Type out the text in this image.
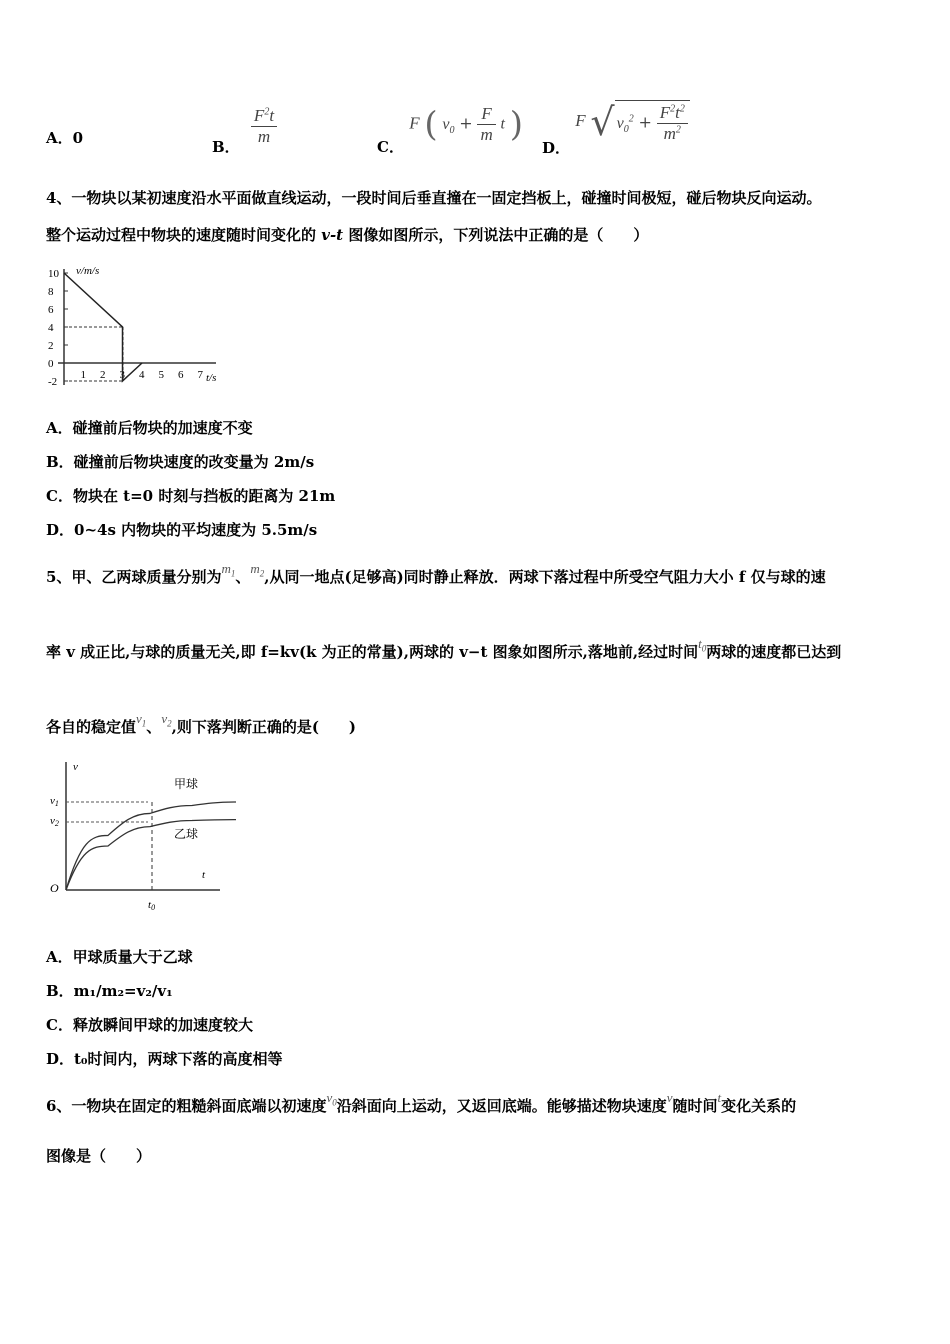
A．0	B． $\frac{F^2t}{m}$	C． F ( $v_0 + \frac{F}{m}$ t )
D． F √ $v_0^2 + \frac{F^2t^2}{m^2}$
4、一物块以某初速度沿水平面做直线运动，一段时间后垂直撞在一固定挡板上，碰撞时间极短，碰后物块反向运动。
整个运动过程中物块的速度随时间变化的 v-t 图像如图所示，下列说法中正确的是（　　）
v/m/s
t/s
10
8
6
4
2
0
-2
1 2 3 4 5 6 7
A．碰撞前后物块的加速度不变
B．碰撞前后物块速度的改变量为 2m/s
C．物块在 t=0 时刻与挡板的距离为 21m
D．0~4s 内物块的平均速度为 5.5m/s
5、甲、乙两球质量分别为$m_1$、$m_2$,从同一地点(足够高)同时静止释放．两球下落过程中所受空气阻力大小 f 仅与球的速
率 v 成正比,与球的质量无关,即 f=kv(k 为正的常量),两球的 v−t 图象如图所示,落地前,经过时间$t_0$两球的速度都已达到
各自的稳定值$v_1$、$v_2$,则下落判断正确的是(　　)
v
t
O
v1
v2
t0
甲球
乙球
A．甲球质量大于乙球
B．m₁/m₂=v₂/v₁
C．释放瞬间甲球的加速度较大
D．t₀时间内，两球下落的高度相等
6、一物块在固定的粗糙斜面底端以初速度$v_0$沿斜面向上运动，又返回底端。能够描述物块速度v随时间t变化关系的
图像是（　　）
